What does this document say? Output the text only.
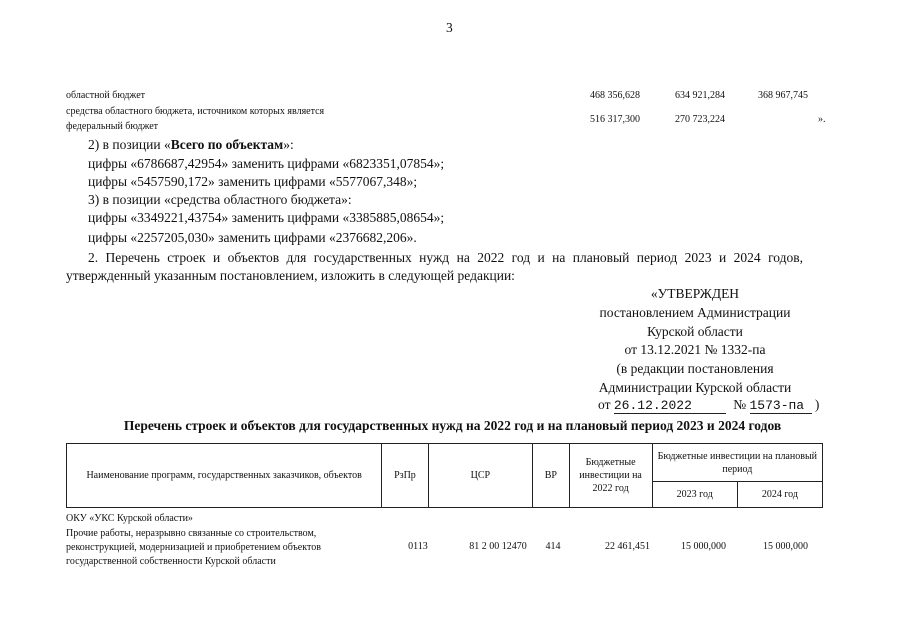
3
областной бюджет	468 356,628	634 921,284	368 967,745
средства областного бюджета, источником которых является
федеральный бюджет
516 317,300	270 723,224	».
2) в позиции «Всего по объектам»:
цифры «6786687,42954» заменить цифрами «6823351,07854»;
цифры «5457590,172» заменить цифрами «5577067,348»;
3) в позиции «средства областного бюджета»:
цифры «3349221,43754» заменить цифрами «3385885,08654»;
цифры «2257205,030» заменить цифрами «2376682,206».
2. Перечень строек и объектов для государственных нужд на 2022 год и на плановый период 2023 и 2024 годов,
утвержденный указанным постановлением, изложить в следующей редакции:
«УТВЕРЖДЕН
постановлением Администрации
Курской области
от 13.12.2021 № 1332-па
(в редакции постановления
Администрации Курской области
от 26.12.2022	№ 1573-па )
Перечень строек и объектов для государственных нужд на 2022 год и на плановый период 2023 и 2024 годов
Наименование программ, государственных заказчиков, объектов	РзПр	ЦСР	ВР	Бюджетные инвестиции на 2022 год	Бюджетные инвестиции на плановый период	
					2023 год	2024 год
ОКУ «УКС Курской области»
Прочие работы, неразрывно связанные со строительством,
реконструкцией, модернизацией и приобретением объектов
государственной собственности Курской области
0113	81 2 00 12470	414	22 461,451	15 000,000	15 000,000
